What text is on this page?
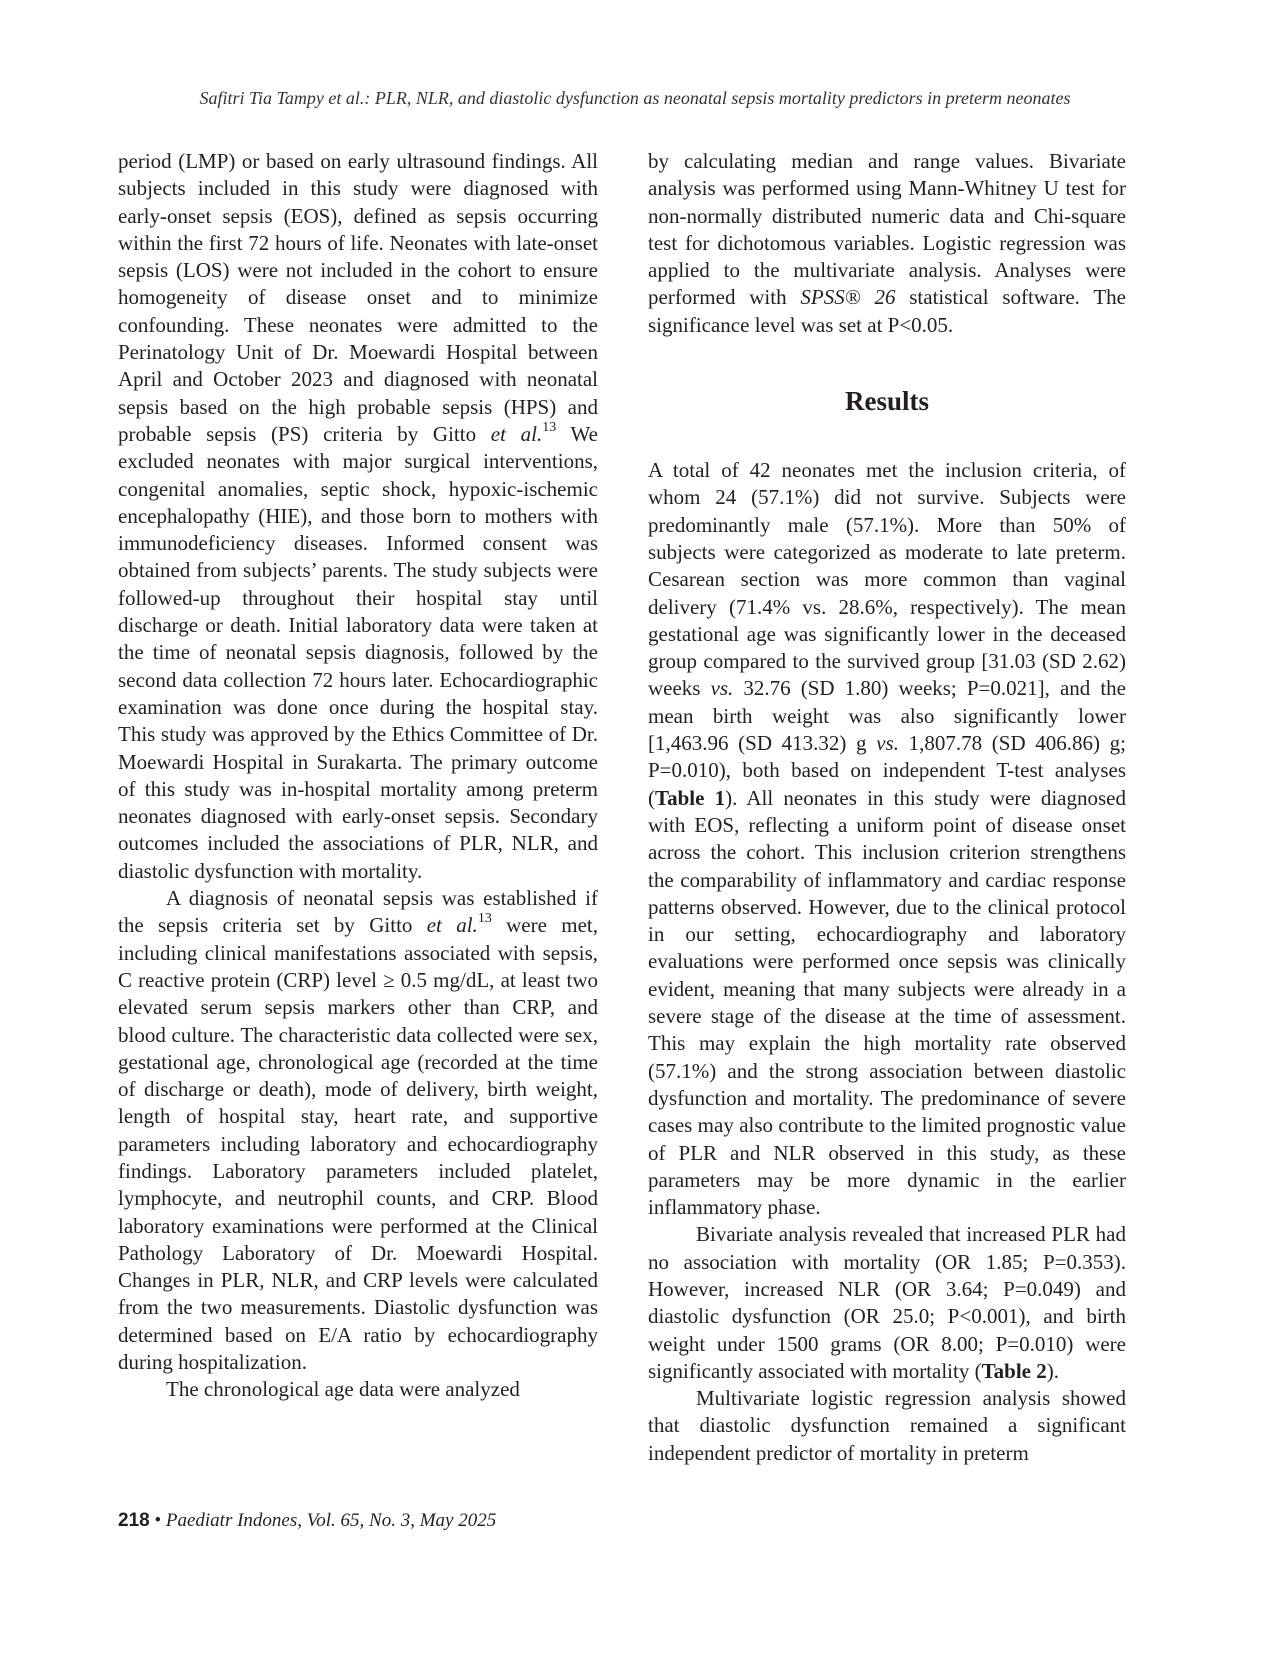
Safitri Tia Tampy et al.: PLR, NLR, and diastolic dysfunction as neonatal sepsis mortality predictors in preterm neonates

period (LMP) or based on early ultrasound findings. All subjects included in this study were diagnosed with early-onset sepsis (EOS), defined as sepsis occurring within the first 72 hours of life. Neonates with late-onset sepsis (LOS) were not included in the cohort to ensure homogeneity of disease onset and to minimize confounding. These neonates were admitted to the Perinatology Unit of Dr. Moewardi Hospital between April and October 2023 and diagnosed with neonatal sepsis based on the high probable sepsis (HPS) and probable sepsis (PS) criteria by Gitto et al.$^{13}$ We excluded neonates with major surgical interventions, congenital anomalies, septic shock, hypoxic-ischemic encephalopathy (HIE), and those born to mothers with immunodeficiency diseases. Informed consent was obtained from subjects’ parents. The study subjects were followed-up throughout their hospital stay until discharge or death. Initial laboratory data were taken at the time of neonatal sepsis diagnosis, followed by the second data collection 72 hours later. Echocardiographic examination was done once during the hospital stay. This study was approved by the Ethics Committee of Dr. Moewardi Hospital in Surakarta. The primary outcome of this study was in-hospital mortality among preterm neonates diagnosed with early-onset sepsis. Secondary outcomes included the associations of PLR, NLR, and diastolic dysfunction with mortality.

A diagnosis of neonatal sepsis was established if the sepsis criteria set by Gitto et al.$^{13}$ were met, including clinical manifestations associated with sepsis, C reactive protein (CRP) level ≥ 0.5 mg/dL, at least two elevated serum sepsis markers other than CRP, and blood culture. The characteristic data collected were sex, gestational age, chronological age (recorded at the time of discharge or death), mode of delivery, birth weight, length of hospital stay, heart rate, and supportive parameters including laboratory and echocardiography findings. Laboratory parameters included platelet, lymphocyte, and neutrophil counts, and CRP. Blood laboratory examinations were performed at the Clinical Pathology Laboratory of Dr. Moewardi Hospital. Changes in PLR, NLR, and CRP levels were calculated from the two measurements. Diastolic dysfunction was determined based on E/A ratio by echocardiography during hospitalization.

The chronological age data were analyzed

by calculating median and range values. Bivariate analysis was performed using Mann-Whitney U test for non-normally distributed numeric data and Chi-square test for dichotomous variables. Logistic regression was applied to the multivariate analysis. Analyses were performed with SPSS® 26 statistical software. The significance level was set at P<0.05.

Results

A total of 42 neonates met the inclusion criteria, of whom 24 (57.1%) did not survive. Subjects were predominantly male (57.1%). More than 50% of subjects were categorized as moderate to late preterm. Cesarean section was more common than vaginal delivery (71.4% vs. 28.6%, respectively). The mean gestational age was significantly lower in the deceased group compared to the survived group [31.03 (SD 2.62) weeks vs. 32.76 (SD 1.80) weeks; P=0.021], and the mean birth weight was also significantly lower [1,463.96 (SD 413.32) g vs. 1,807.78 (SD 406.86) g; P=0.010), both based on independent T-test analyses (Table 1). All neonates in this study were diagnosed with EOS, reflecting a uniform point of disease onset across the cohort. This inclusion criterion strengthens the comparability of inflammatory and cardiac response patterns observed. However, due to the clinical protocol in our setting, echocardiography and laboratory evaluations were performed once sepsis was clinically evident, meaning that many subjects were already in a severe stage of the disease at the time of assessment. This may explain the high mortality rate observed (57.1%) and the strong association between diastolic dysfunction and mortality. The predominance of severe cases may also contribute to the limited prognostic value of PLR and NLR observed in this study, as these parameters may be more dynamic in the earlier inflammatory phase.

Bivariate analysis revealed that increased PLR had no association with mortality (OR 1.85; P=0.353). However, increased NLR (OR 3.64; P=0.049) and diastolic dysfunction (OR 25.0; P<0.001), and birth weight under 1500 grams (OR 8.00; P=0.010) were significantly associated with mortality (Table 2).

Multivariate logistic regression analysis showed that diastolic dysfunction remained a significant independent predictor of mortality in preterm

218 • Paediatr Indones, Vol. 65, No. 3, May 2025
